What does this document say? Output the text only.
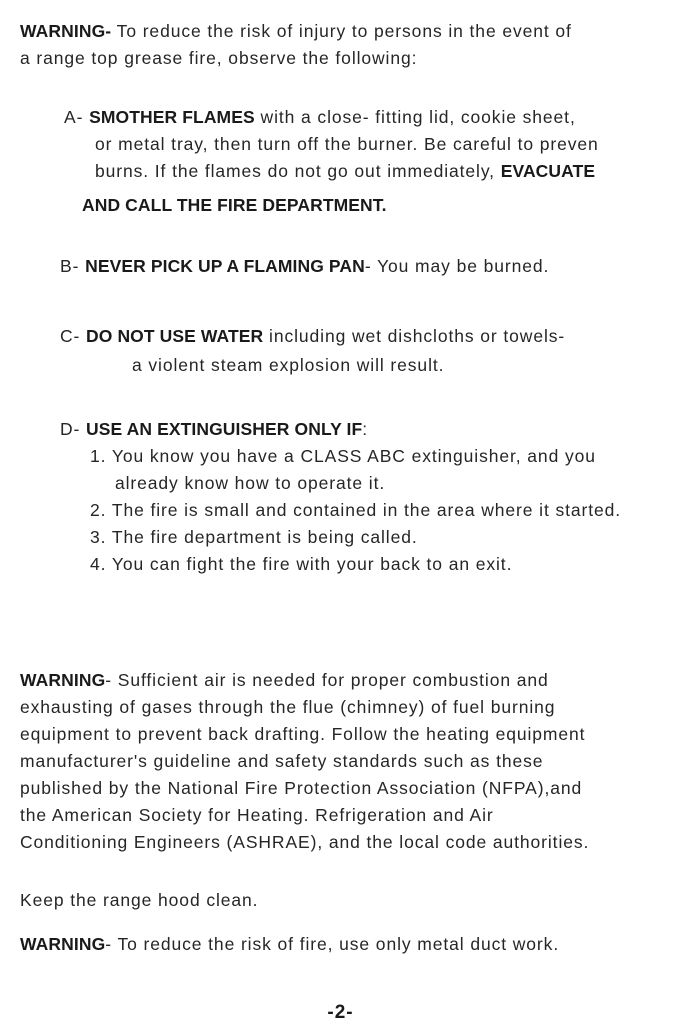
WARNING- To reduce the risk of injury to persons in the event of
a range top grease fire, observe the following:
A- SMOTHER FLAMES with a close- fitting lid, cookie sheet,
or metal tray, then turn off the burner. Be careful to preven
burns. If the flames do not go out immediately, EVACUATE
AND CALL THE FIRE DEPARTMENT.
B- NEVER PICK UP A FLAMING PAN- You may be burned.
C- DO NOT USE WATER including wet dishcloths or towels-
a violent steam explosion will result.
D- USE AN EXTINGUISHER ONLY IF:
1. You know you have a CLASS ABC extinguisher, and you
already know how to operate it.
2. The fire is small and contained in the area where it started.
3. The fire department is being called.
4. You can fight the fire with your back to an exit.
WARNING- Sufficient air is needed for proper combustion and
exhausting of gases through the flue (chimney) of fuel burning
equipment to prevent back drafting. Follow the heating equipment
manufacturer's guideline and safety standards such as these
published by the National Fire Protection Association (NFPA),and
the American Society for Heating. Refrigeration and Air
Conditioning Engineers (ASHRAE), and the local code authorities.
Keep the range hood clean.
WARNING- To reduce the risk of fire, use only metal duct work.
-2-
